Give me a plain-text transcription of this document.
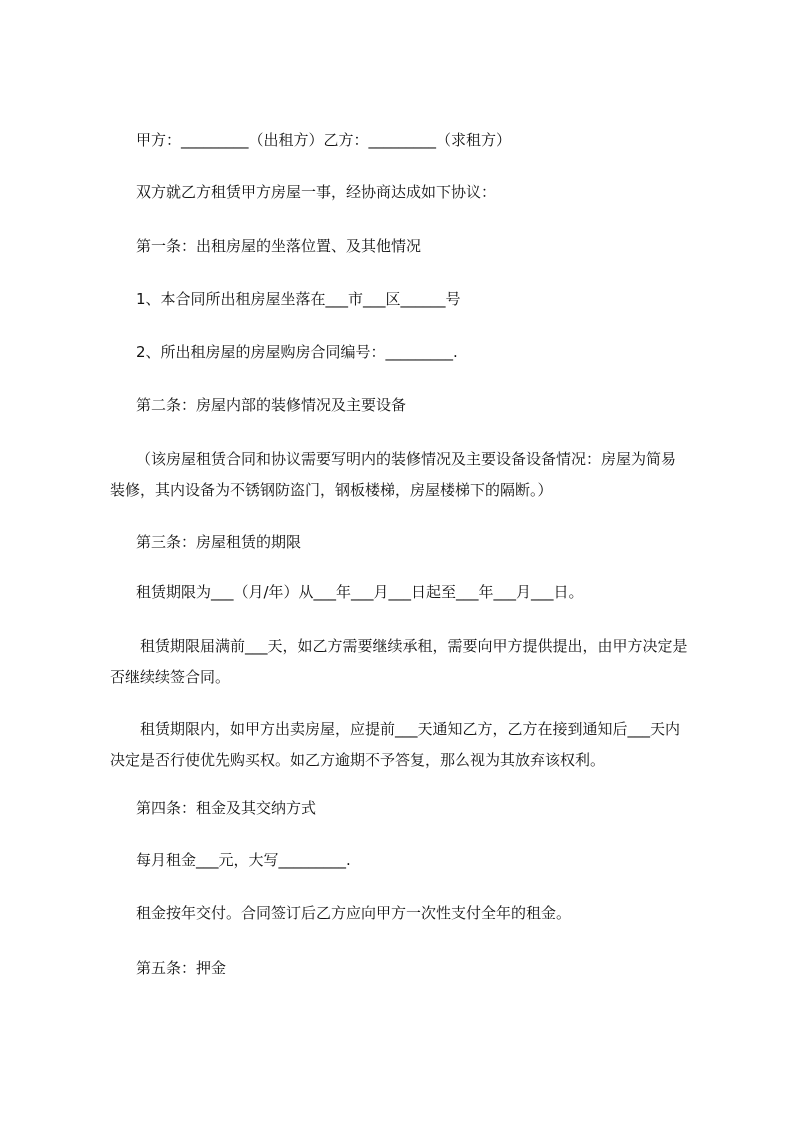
甲方：_________（出租方）乙方：_________（求租方）
双方就乙方租赁甲方房屋一事，经协商达成如下协议：
第一条：出租房屋的坐落位置、及其他情况
1、本合同所出租房屋坐落在___市___区______号
2、所出租房屋的房屋购房合同编号：_________.
第二条：房屋内部的装修情况及主要设备
（该房屋租赁合同和协议需要写明内的装修情况及主要设备设备情况：房屋为简易装修，其内设备为不锈钢防盗门，钢板楼梯，房屋楼梯下的隔断。）
第三条：房屋租赁的期限
租赁期限为___（月/年）从___年___月___日起至___年___月___日。
租赁期限届满前___天，如乙方需要继续承租，需要向甲方提供提出，由甲方决定是否继续续签合同。
租赁期限内，如甲方出卖房屋，应提前___天通知乙方，乙方在接到通知后___天内决定是否行使优先购买权。如乙方逾期不予答复，那么视为其放弃该权利。
第四条：租金及其交纳方式
每月租金___元，大写_________.
租金按年交付。合同签订后乙方应向甲方一次性支付全年的租金。
第五条：押金
